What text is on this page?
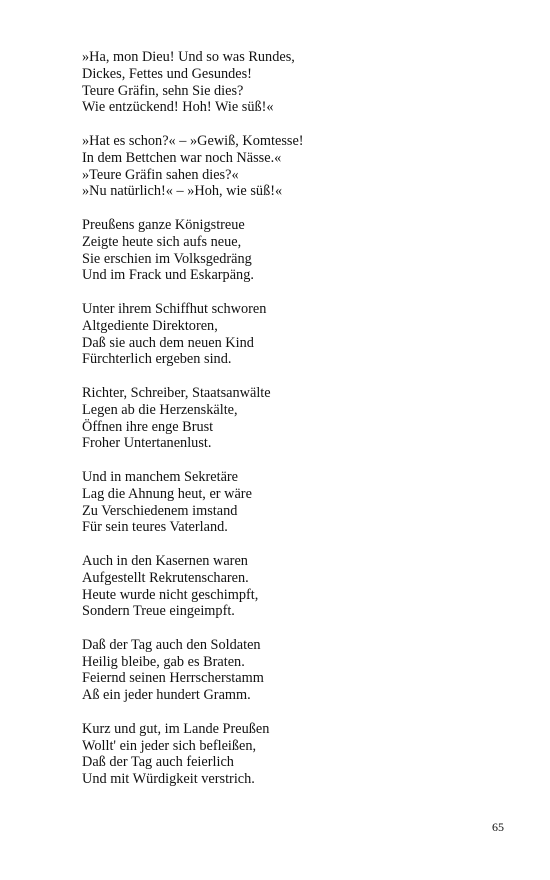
»Ha, mon Dieu! Und so was Rundes,
Dickes, Fettes und Gesundes!
Teure Gräfin, sehn Sie dies?
Wie entzückend! Hoh! Wie süß!«
»Hat es schon?« – »Gewiß, Komtesse!
In dem Bettchen war noch Nässe.«
»Teure Gräfin sahen dies?«
»Nu natürlich!« – »Hoh, wie süß!«
Preußens ganze Königstreue
Zeigte heute sich aufs neue,
Sie erschien im Volksgedräng
Und im Frack und Eskarpäng.
Unter ihrem Schiffhut schworen
Altgediente Direktoren,
Daß sie auch dem neuen Kind
Fürchterlich ergeben sind.
Richter, Schreiber, Staatsanwälte
Legen ab die Herzenskälte,
Öffnen ihre enge Brust
Froher Untertanenlust.
Und in manchem Sekretäre
Lag die Ahnung heut, er wäre
Zu Verschiedenem imstand
Für sein teures Vaterland.
Auch in den Kasernen waren
Aufgestellt Rekrutenscharen.
Heute wurde nicht geschimpft,
Sondern Treue eingeimpft.
Daß der Tag auch den Soldaten
Heilig bleibe, gab es Braten.
Feiernd seinen Herrscherstamm
Aß ein jeder hundert Gramm.
Kurz und gut, im Lande Preußen
Wollt' ein jeder sich befleißen,
Daß der Tag auch feierlich
Und mit Würdigkeit verstrich.
65
